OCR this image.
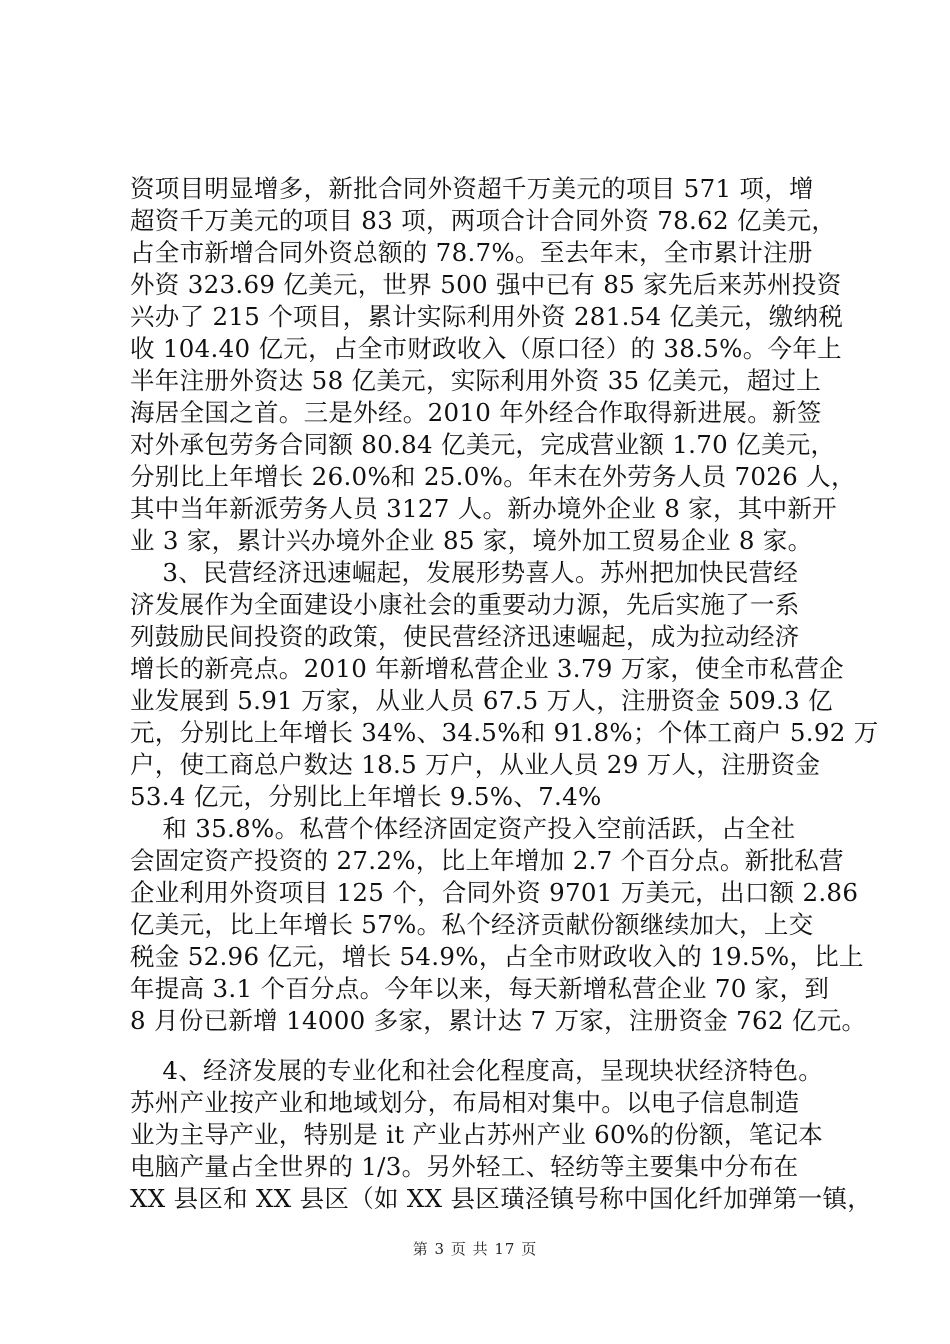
资项目明显增多，新批合同外资超千万美元的项目 571 项，增
超资千万美元的项目 83 项，两项合计合同外资 78.62 亿美元，
占全市新增合同外资总额的 78.7%。至去年末，全市累计注册
外资 323.69 亿美元，世界 500 强中已有 85 家先后来苏州投资
兴办了 215 个项目，累计实际利用外资 281.54 亿美元，缴纳税
收 104.40 亿元，占全市财政收入（原口径）的 38.5%。今年上
半年注册外资达 58 亿美元，实际利用外资 35 亿美元，超过上
海居全国之首。三是外经。2010 年外经合作取得新进展。新签
对外承包劳务合同额 80.84 亿美元，完成营业额 1.70 亿美元，
分别比上年增长 26.0%和 25.0%。年末在外劳务人员 7026 人，
其中当年新派劳务人员 3127 人。新办境外企业 8 家，其中新开
业 3 家，累计兴办境外企业 85 家，境外加工贸易企业 8 家。
3、民营经济迅速崛起，发展形势喜人。苏州把加快民营经
济发展作为全面建设小康社会的重要动力源，先后实施了一系
列鼓励民间投资的政策，使民营经济迅速崛起，成为拉动经济
增长的新亮点。2010 年新增私营企业 3.79 万家，使全市私营企
业发展到 5.91 万家，从业人员 67.5 万人，注册资金 509.3 亿
元，分别比上年增长 34%、34.5%和 91.8%；个体工商户 5.92 万
户，使工商总户数达 18.5 万户，从业人员 29 万人，注册资金
53.4 亿元，分别比上年增长 9.5%、7.4%
和 35.8%。私营个体经济固定资产投入空前活跃，占全社
会固定资产投资的 27.2%，比上年增加 2.7 个百分点。新批私营
企业利用外资项目 125 个，合同外资 9701 万美元，出口额 2.86
亿美元，比上年增长 57%。私个经济贡献份额继续加大，上交
税金 52.96 亿元，增长 54.9%，占全市财政收入的 19.5%，比上
年提高 3.1 个百分点。今年以来，每天新增私营企业 70 家，到
8 月份已新增 14000 多家，累计达 7 万家，注册资金 762 亿元。
4、经济发展的专业化和社会化程度高，呈现块状经济特色。
苏州产业按产业和地域划分，布局相对集中。以电子信息制造
业为主导产业，特别是 it 产业占苏州产业 60%的份额，笔记本
电脑产量占全世界的 1/3。另外轻工、轻纺等主要集中分布在
XX 县区和 XX 县区（如 XX 县区璜泾镇号称中国化纤加弹第一镇，
第 3 页 共 17 页
